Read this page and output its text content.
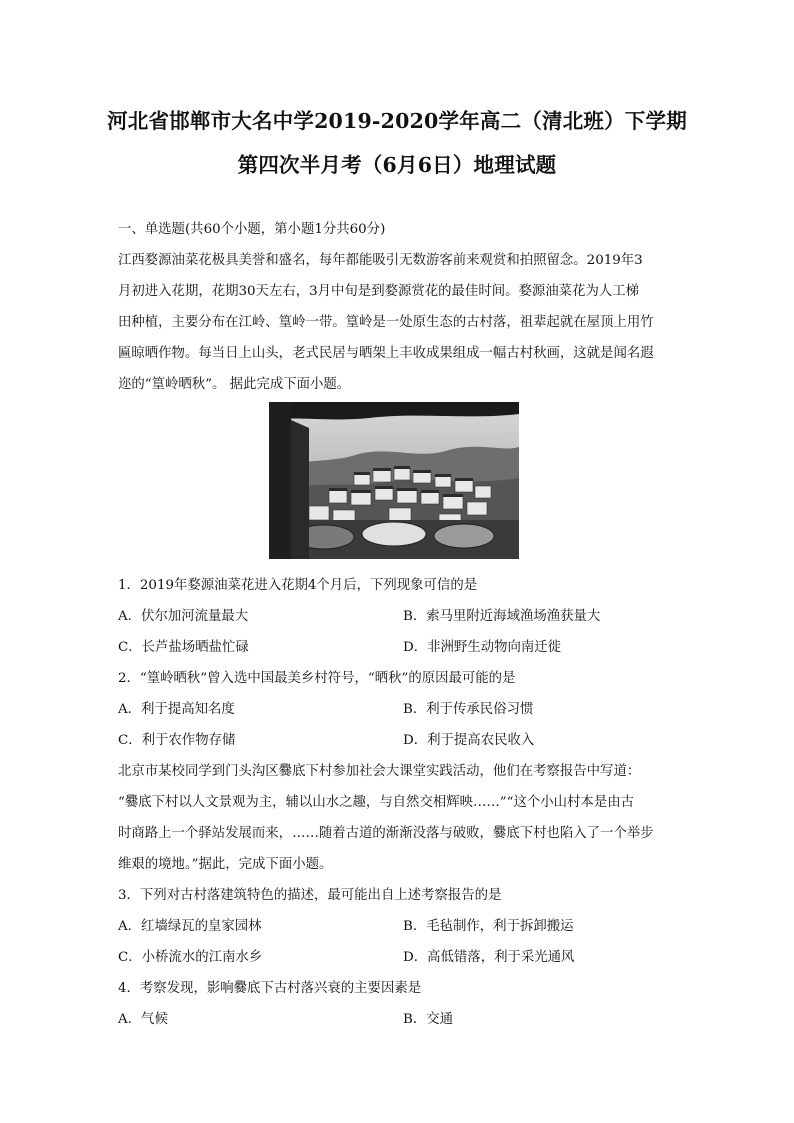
河北省邯郸市大名中学2019-2020学年高二（清北班）下学期
第四次半月考（6月6日）地理试题
一、单选题(共60个小题，第小题1分共60分)
江西婺源油菜花极具美誉和盛名，每年都能吸引无数游客前来观赏和拍照留念。2019年3
月初进入花期，花期30天左右，3月中旬是到婺源赏花的最佳时间。婺源油菜花为人工梯
田种植，主要分布在江岭、篁岭一带。篁岭是一处原生态的古村落，祖辈起就在屋顶上用竹
匾晾晒作物。每当日上山头，老式民居与晒架上丰收成果组成一幅古村秋画，这就是闻名遐
迩的“篁岭晒秋”。 据此完成下面小题。
1．2019年婺源油菜花进入花期4个月后，下列现象可信的是
A．伏尔加河流量最大	B．索马里附近海域渔场渔获量大
C．长芦盐场晒盐忙碌	D．非洲野生动物向南迁徙
2．“篁岭晒秋”曾入选中国最美乡村符号，“晒秋”的原因最可能的是
A．利于提高知名度	B．利于传承民俗习惯
C．利于农作物存储	D．利于提高农民收入
北京市某校同学到门头沟区爨底下村参加社会大课堂实践活动，他们在考察报告中写道：
“爨底下村以人文景观为主，辅以山水之趣，与自然交相辉映……”“这个小山村本是由古
时商路上一个驿站发展而来，……随着古道的渐渐没落与破败，爨底下村也陷入了一个举步
维艰的境地。”据此，完成下面小题。
3．下列对古村落建筑特色的描述，最可能出自上述考察报告的是
A．红墙绿瓦的皇家园林	B．毛毡制作，利于拆卸搬运
C．小桥流水的江南水乡	D．高低错落，利于采光通风
4．考察发现，影响爨底下古村落兴衰的主要因素是
A．气候	B．交通
